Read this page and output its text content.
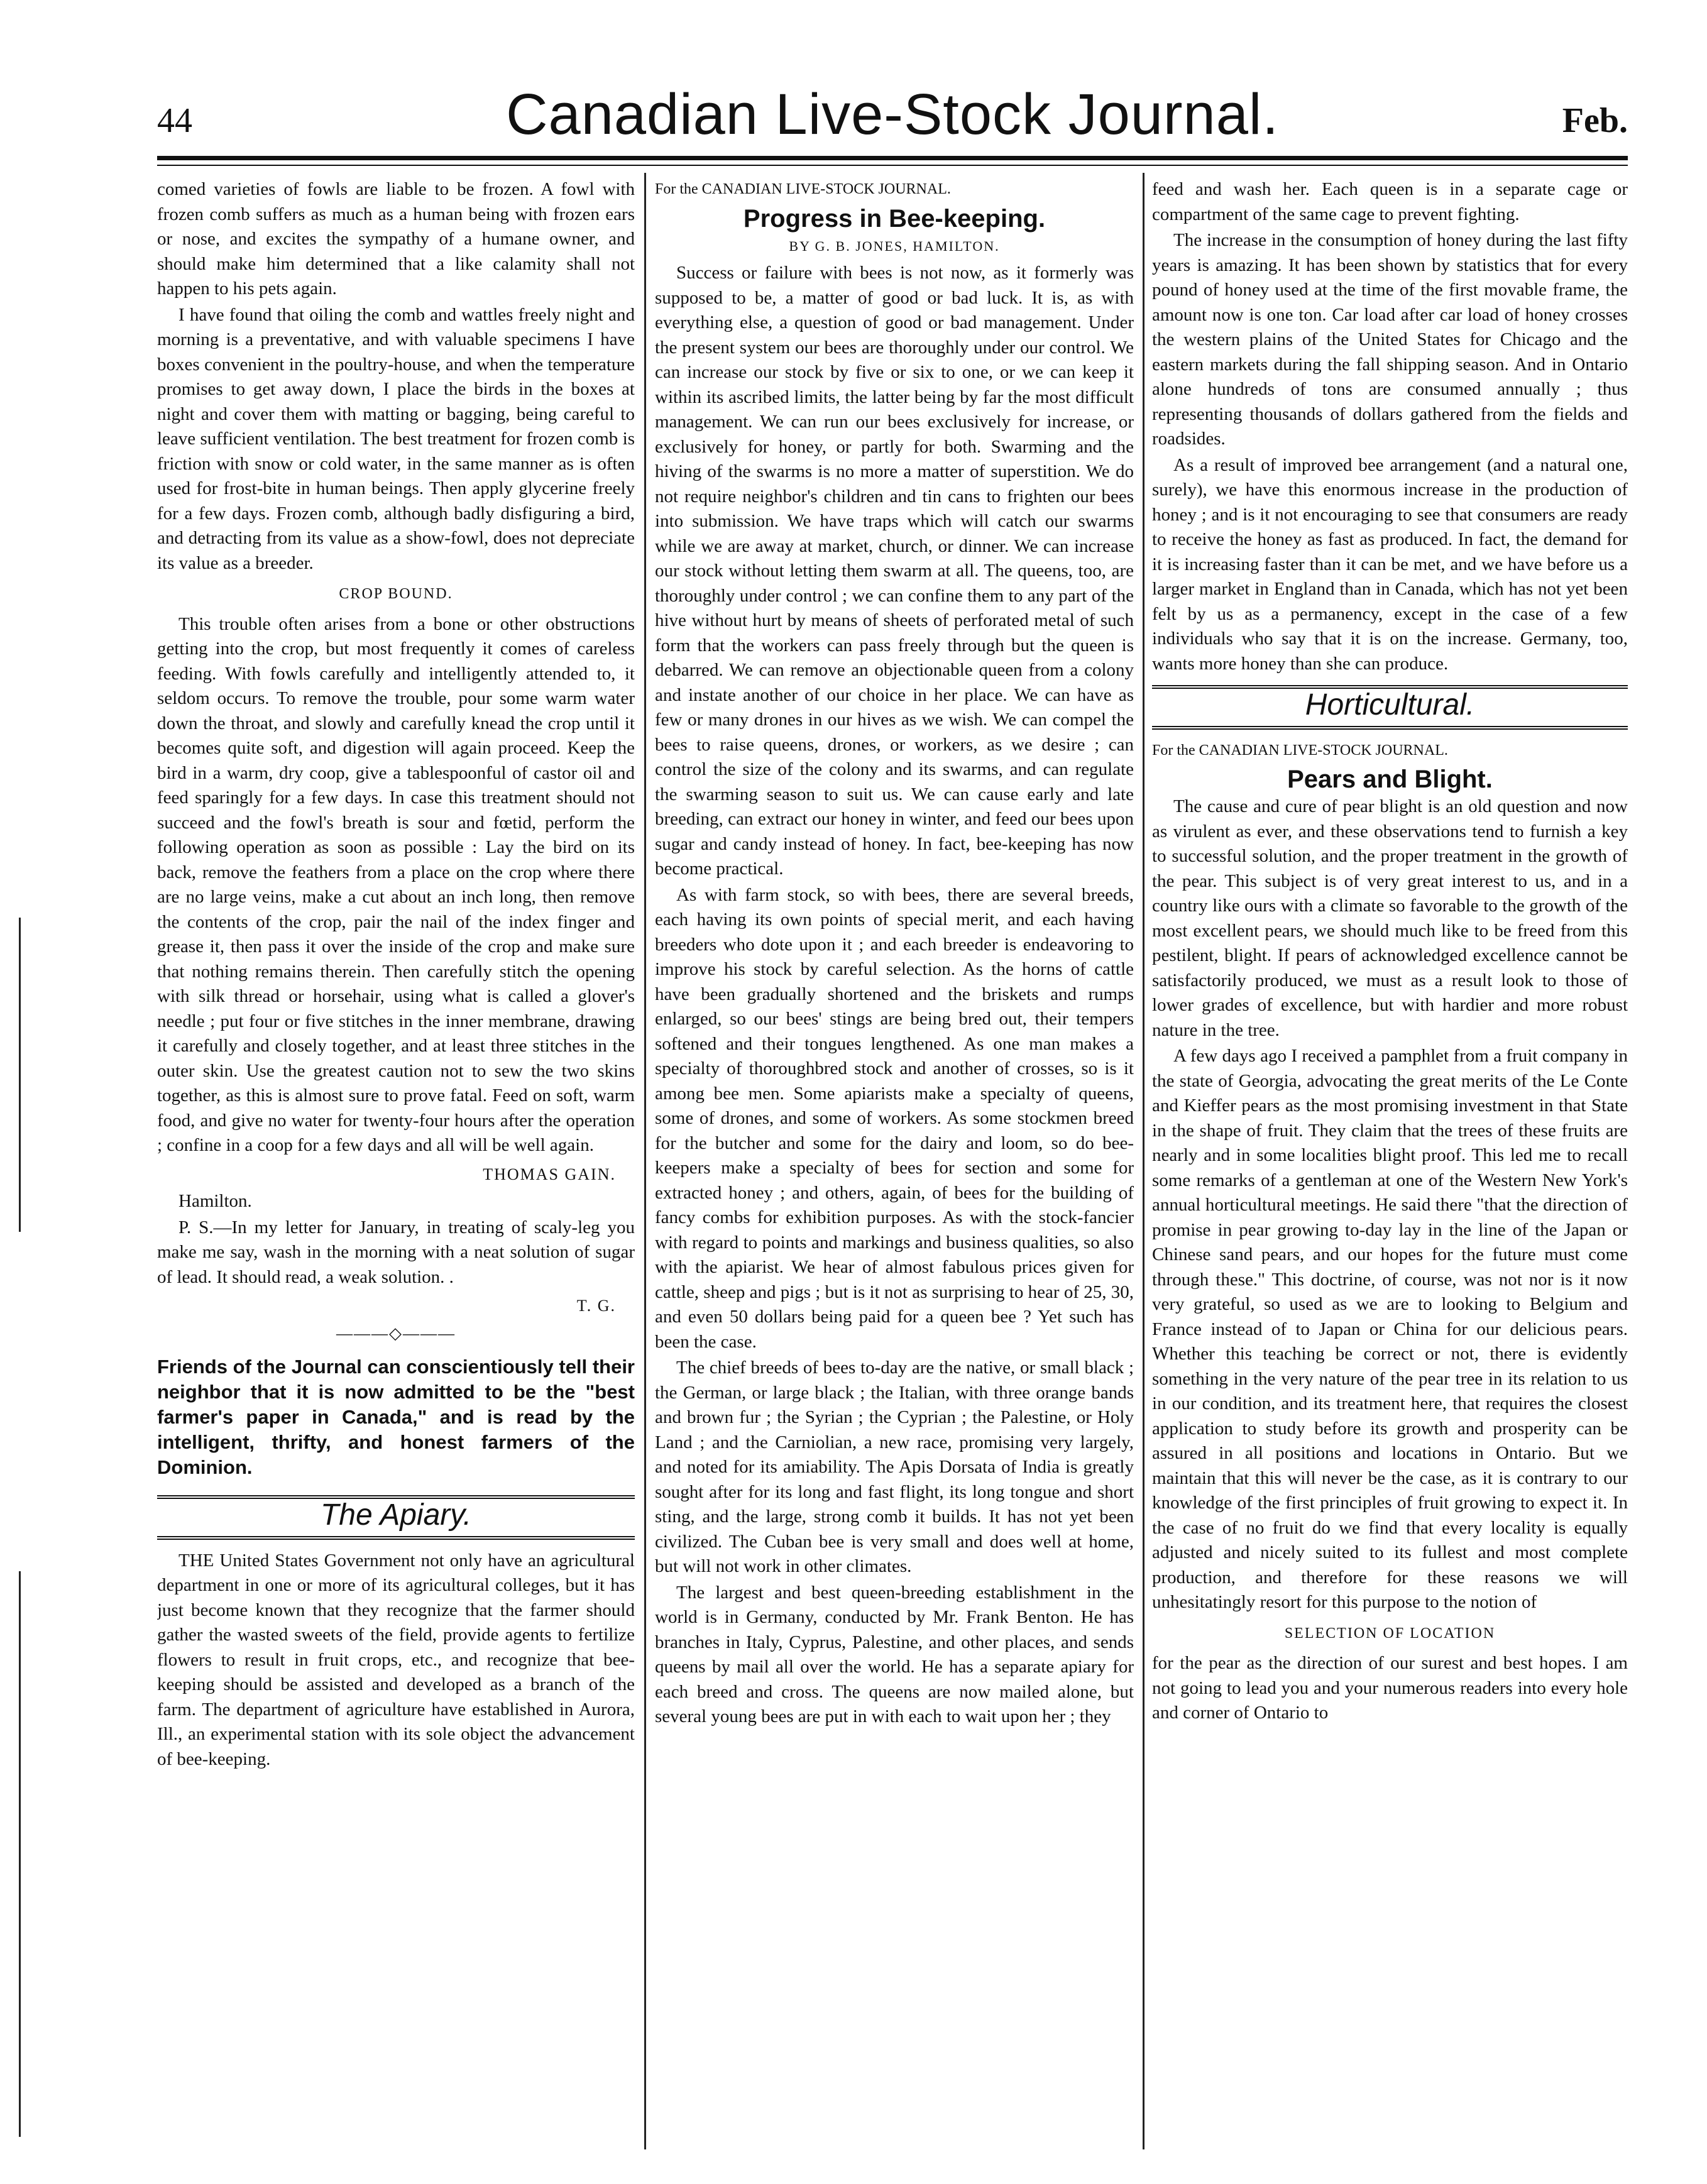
44	Canadian Live-Stock Journal.	Feb.

comed varieties of fowls are liable to be frozen. A fowl with frozen comb suffers as much as a human being with frozen ears or nose, and excites the sympathy of a humane owner, and should make him determined that a like calamity shall not happen to his pets again.

I have found that oiling the comb and wattles freely night and morning is a preventative, and with valuable specimens I have boxes convenient in the poultry-house, and when the temperature promises to get away down, I place the birds in the boxes at night and cover them with matting or bagging, being careful to leave sufficient ventilation. The best treatment for frozen comb is friction with snow or cold water, in the same manner as is often used for frost-bite in human beings. Then apply glycerine freely for a few days. Frozen comb, although badly disfiguring a bird, and detracting from its value as a show-fowl, does not depreciate its value as a breeder.

CROP BOUND.

This trouble often arises from a bone or other obstructions getting into the crop, but most frequently it comes of careless feeding. With fowls carefully and intelligently attended to, it seldom occurs. To remove the trouble, pour some warm water down the throat, and slowly and carefully knead the crop until it becomes quite soft, and digestion will again proceed. Keep the bird in a warm, dry coop, give a tablespoonful of castor oil and feed sparingly for a few days. In case this treatment should not succeed and the fowl's breath is sour and fœtid, perform the following operation as soon as possible : Lay the bird on its back, remove the feathers from a place on the crop where there are no large veins, make a cut about an inch long, then remove the contents of the crop, pair the nail of the index finger and grease it, then pass it over the inside of the crop and make sure that nothing remains therein. Then carefully stitch the opening with silk thread or horsehair, using what is called a glover's needle ; put four or five stitches in the inner membrane, drawing it carefully and closely together, and at least three stitches in the outer skin. Use the greatest caution not to sew the two skins together, as this is almost sure to prove fatal. Feed on soft, warm food, and give no water for twenty-four hours after the operation ; confine in a coop for a few days and all will be well again.

THOMAS GAIN.

Hamilton.

P. S.—In my letter for January, in treating of scaly-leg you make me say, wash in the morning with a neat solution of sugar of lead. It should read, a weak solution. .

T. G.
———◇———
Friends of the Journal can conscientiously tell their neighbor that it is now admitted to be the "best farmer's paper in Canada," and is read by the intelligent, thrifty, and honest farmers of the Dominion.
The Apiary.

THE United States Government not only have an agricultural department in one or more of its agricultural colleges, but it has just become known that they recognize that the farmer should gather the wasted sweets of the field, provide agents to fertilize flowers to result in fruit crops, etc., and recognize that bee-keeping should be assisted and developed as a branch of the farm. The department of agriculture have established in Aurora, Ill., an experimental station with its sole object the advancement of bee-keeping.

For the CANADIAN LIVE-STOCK JOURNAL.

Progress in Bee-keeping.
BY G. B. JONES, HAMILTON.

Success or failure with bees is not now, as it formerly was supposed to be, a matter of good or bad luck. It is, as with everything else, a question of good or bad management. Under the present system our bees are thoroughly under our control. We can increase our stock by five or six to one, or we can keep it within its ascribed limits, the latter being by far the most difficult management. We can run our bees exclusively for increase, or exclusively for honey, or partly for both. Swarming and the hiving of the swarms is no more a matter of superstition. We do not require neighbor's children and tin cans to frighten our bees into submission. We have traps which will catch our swarms while we are away at market, church, or dinner. We can increase our stock without letting them swarm at all. The queens, too, are thoroughly under control ; we can confine them to any part of the hive without hurt by means of sheets of perforated metal of such form that the workers can pass freely through but the queen is debarred. We can remove an objectionable queen from a colony and instate another of our choice in her place. We can have as few or many drones in our hives as we wish. We can compel the bees to raise queens, drones, or workers, as we desire ; can control the size of the colony and its swarms, and can regulate the swarming season to suit us. We can cause early and late breeding, can extract our honey in winter, and feed our bees upon sugar and candy instead of honey. In fact, bee-keeping has now become practical.

As with farm stock, so with bees, there are several breeds, each having its own points of special merit, and each having breeders who dote upon it ; and each breeder is endeavoring to improve his stock by careful selection. As the horns of cattle have been gradually shortened and the briskets and rumps enlarged, so our bees' stings are being bred out, their tempers softened and their tongues lengthened. As one man makes a specialty of thoroughbred stock and another of crosses, so is it among bee men. Some apiarists make a specialty of queens, some of drones, and some of workers. As some stockmen breed for the butcher and some for the dairy and loom, so do bee-keepers make a specialty of bees for section and some for extracted honey ; and others, again, of bees for the building of fancy combs for exhibition purposes. As with the stock-fancier with regard to points and markings and business qualities, so also with the apiarist. We hear of almost fabulous prices given for cattle, sheep and pigs ; but is it not as surprising to hear of 25, 30, and even 50 dollars being paid for a queen bee ? Yet such has been the case.

The chief breeds of bees to-day are the native, or small black ; the German, or large black ; the Italian, with three orange bands and brown fur ; the Syrian ; the Cyprian ; the Palestine, or Holy Land ; and the Carniolian, a new race, promising very largely, and noted for its amiability. The Apis Dorsata of India is greatly sought after for its long and fast flight, its long tongue and short sting, and the large, strong comb it builds. It has not yet been civilized. The Cuban bee is very small and does well at home, but will not work in other climates.

The largest and best queen-breeding establishment in the world is in Germany, conducted by Mr. Frank Benton. He has branches in Italy, Cyprus, Palestine, and other places, and sends queens by mail all over the world. He has a separate apiary for each breed and cross. The queens are now mailed alone, but several young bees are put in with each to wait upon her ; they

feed and wash her. Each queen is in a separate cage or compartment of the same cage to prevent fighting.

The increase in the consumption of honey during the last fifty years is amazing. It has been shown by statistics that for every pound of honey used at the time of the first movable frame, the amount now is one ton. Car load after car load of honey crosses the western plains of the United States for Chicago and the eastern markets during the fall shipping season. And in Ontario alone hundreds of tons are consumed annually ; thus representing thousands of dollars gathered from the fields and roadsides.

As a result of improved bee arrangement (and a natural one, surely), we have this enormous increase in the production of honey ; and is it not encouraging to see that consumers are ready to receive the honey as fast as produced. In fact, the demand for it is increasing faster than it can be met, and we have before us a larger market in England than in Canada, which has not yet been felt by us as a permanency, except in the case of a few individuals who say that it is on the increase. Germany, too, wants more honey than she can produce.

Horticultural.

For the CANADIAN LIVE-STOCK JOURNAL.

Pears and Blight.

The cause and cure of pear blight is an old question and now as virulent as ever, and these observations tend to furnish a key to successful solution, and the proper treatment in the growth of the pear. This subject is of very great interest to us, and in a country like ours with a climate so favorable to the growth of the most excellent pears, we should much like to be freed from this pestilent, blight. If pears of acknowledged excellence cannot be satisfactorily produced, we must as a result look to those of lower grades of excellence, but with hardier and more robust nature in the tree.

A few days ago I received a pamphlet from a fruit company in the state of Georgia, advocating the great merits of the Le Conte and Kieffer pears as the most promising investment in that State in the shape of fruit. They claim that the trees of these fruits are nearly and in some localities blight proof. This led me to recall some remarks of a gentleman at one of the Western New York's annual horticultural meetings. He said there "that the direction of promise in pear growing to-day lay in the line of the Japan or Chinese sand pears, and our hopes for the future must come through these." This doctrine, of course, was not nor is it now very grateful, so used as we are to looking to Belgium and France instead of to Japan or China for our delicious pears. Whether this teaching be correct or not, there is evidently something in the very nature of the pear tree in its relation to us in our condition, and its treatment here, that requires the closest application to study before its growth and prosperity can be assured in all positions and locations in Ontario. But we maintain that this will never be the case, as it is contrary to our knowledge of the first principles of fruit growing to expect it. In the case of no fruit do we find that every locality is equally adjusted and nicely suited to its fullest and most complete production, and therefore for these reasons we will unhesitatingly resort for this purpose to the notion of

SELECTION OF LOCATION

for the pear as the direction of our surest and best hopes. I am not going to lead you and your numerous readers into every hole and corner of Ontario to
